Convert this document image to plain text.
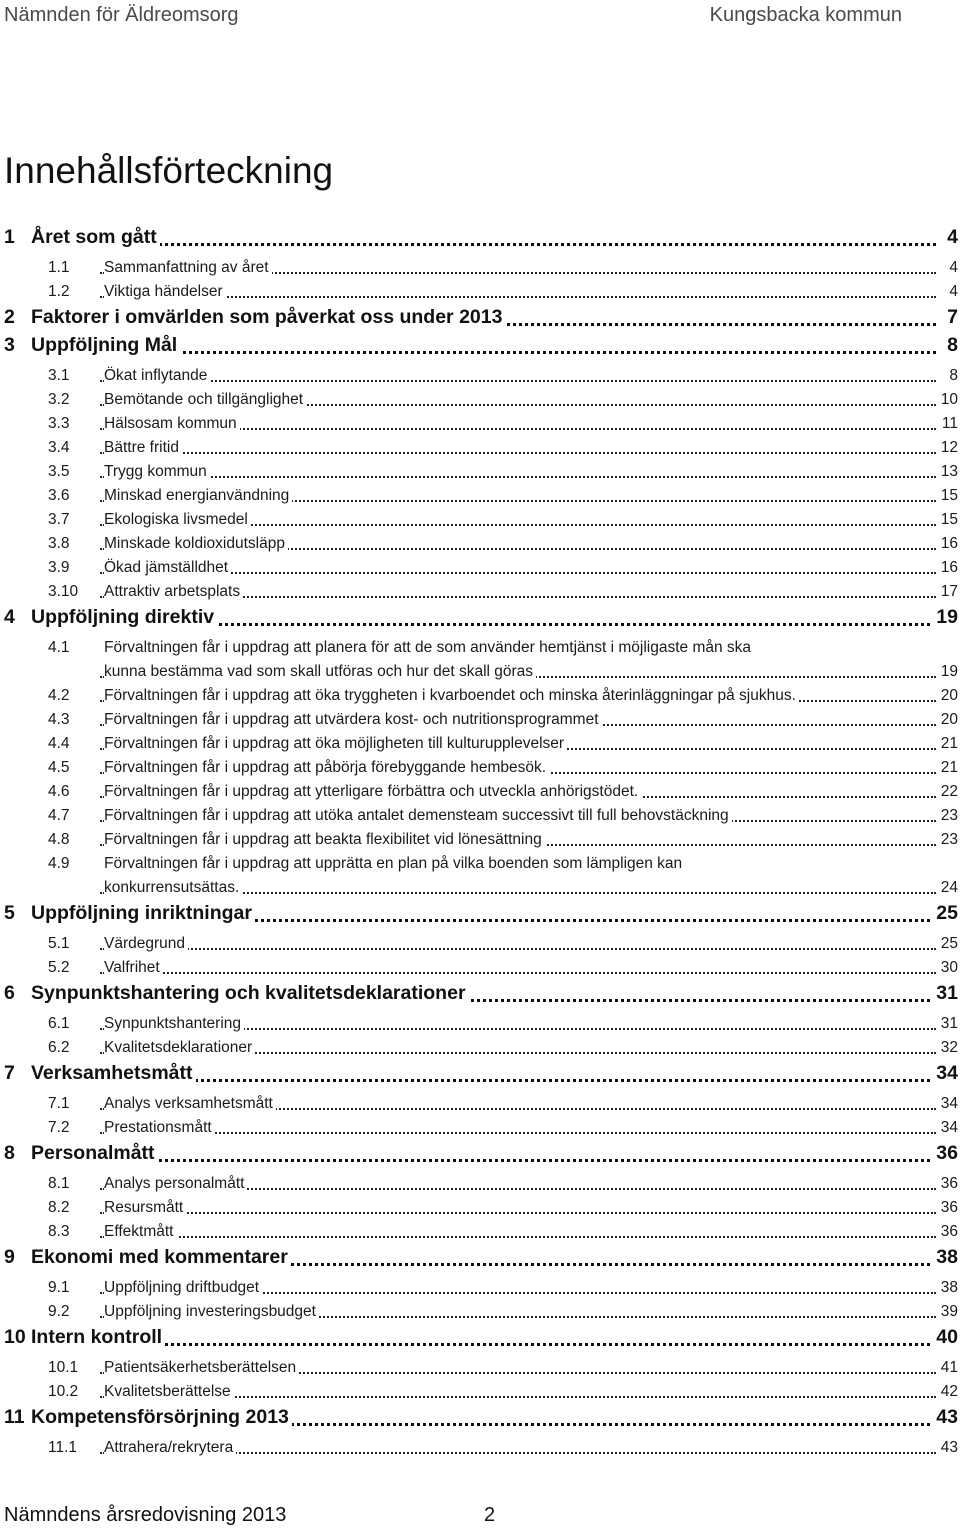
Nämnden för Äldreomsorg	Kungsbacka kommun
Innehållsförteckning
1 Året som gått	4
1.1 Sammanfattning av året	4
1.2 Viktiga händelser	4
2 Faktorer i omvärlden som påverkat oss under 2013	7
3 Uppföljning Mål	8
3.1 Ökat inflytande	8
3.2 Bemötande och tillgänglighet	10
3.3 Hälsosam kommun	11
3.4 Bättre fritid	12
3.5 Trygg kommun	13
3.6 Minskad energianvändning	15
3.7 Ekologiska livsmedel	15
3.8 Minskade koldioxidutsläpp	16
3.9 Ökad jämställdhet	16
3.10 Attraktiv arbetsplats	17
4 Uppföljning direktiv	19
4.1 Förvaltningen får i uppdrag att planera för att de som använder hemtjänst i möjligaste mån ska
kunna bestämma vad som skall utföras och hur det skall göras	19
4.2 Förvaltningen får i uppdrag att öka tryggheten i kvarboendet och minska återinläggningar på sjukhus.	20
4.3 Förvaltningen får i uppdrag att utvärdera kost- och nutritionsprogrammet	20
4.4 Förvaltningen får i uppdrag att öka möjligheten till kulturupplevelser	21
4.5 Förvaltningen får i uppdrag att påbörja förebyggande hembesök.	21
4.6 Förvaltningen får i uppdrag att ytterligare förbättra och utveckla anhörigstödet.	22
4.7 Förvaltningen får i uppdrag att utöka antalet demensteam successivt till full behovstäckning	23
4.8 Förvaltningen får i uppdrag att beakta flexibilitet vid lönesättning	23
4.9 Förvaltningen får i uppdrag att upprätta en plan på vilka boenden som lämpligen kan
konkurrensutsättas.	24
5 Uppföljning inriktningar	25
5.1 Värdegrund	25
5.2 Valfrihet	30
6 Synpunktshantering och kvalitetsdeklarationer	31
6.1 Synpunktshantering	31
6.2 Kvalitetsdeklarationer	32
7 Verksamhetsmått	34
7.1 Analys verksamhetsmått	34
7.2 Prestationsmått	34
8 Personalmått	36
8.1 Analys personalmått	36
8.2 Resursmått	36
8.3 Effektmått	36
9 Ekonomi med kommentarer	38
9.1 Uppföljning driftbudget	38
9.2 Uppföljning investeringsbudget	39
10 Intern kontroll	40
10.1 Patientsäkerhetsberättelsen	41
10.2 Kvalitetsberättelse	42
11 Kompetensförsörjning 2013	43
11.1 Attrahera/rekrytera	43
Nämndens årsredovisning 2013	2
